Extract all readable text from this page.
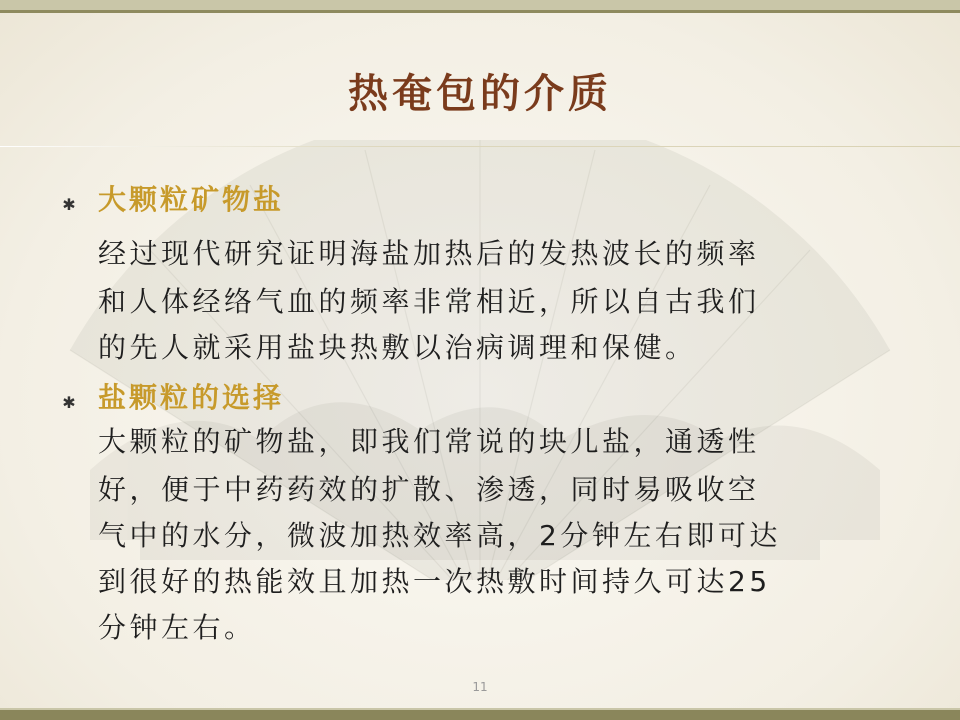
热奄包的介质
✱ 大颗粒矿物盐
经过现代研究证明海盐加热后的发热波长的频率
和人体经络气血的频率非常相近，所以自古我们
的先人就采用盐块热敷以治病调理和保健。
✱ 盐颗粒的选择
大颗粒的矿物盐，即我们常说的块儿盐，通透性
好，便于中药药效的扩散、渗透，同时易吸收空
气中的水分，微波加热效率高，2分钟左右即可达
到很好的热能效且加热一次热敷时间持久可达25
分钟左右。
11
